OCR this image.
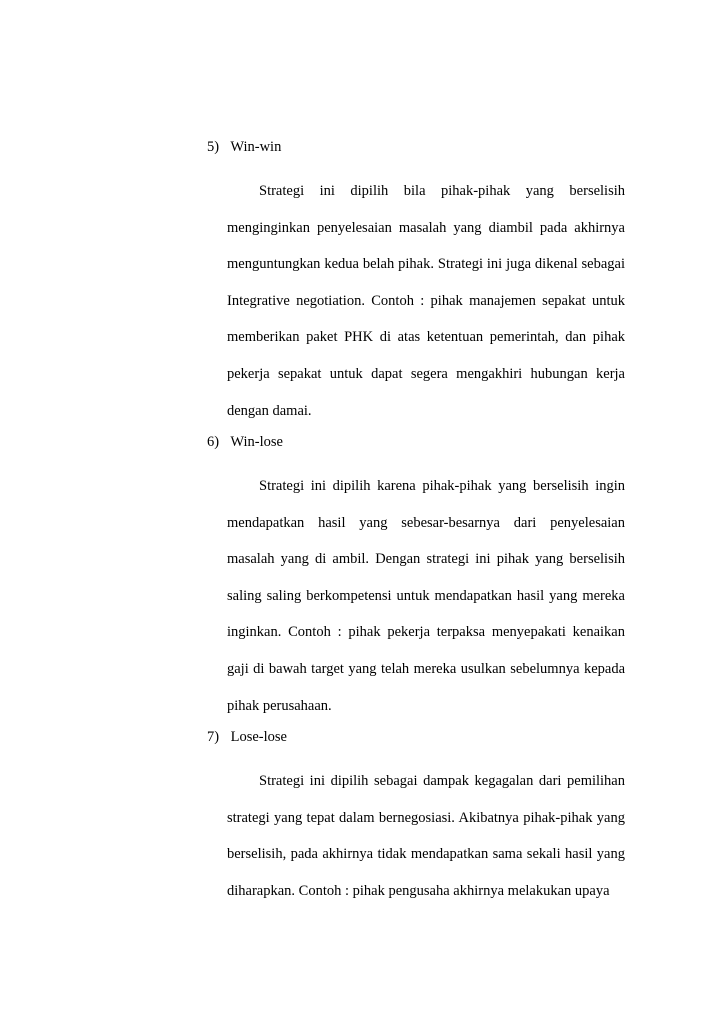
5) Win-win

Strategi ini dipilih bila pihak-pihak yang berselisih menginginkan penyelesaian masalah yang diambil pada akhirnya menguntungkan kedua belah pihak. Strategi ini juga dikenal sebagai Integrative negotiation. Contoh : pihak manajemen sepakat untuk memberikan paket PHK di atas ketentuan pemerintah, dan pihak pekerja sepakat untuk dapat segera mengakhiri hubungan kerja dengan damai.

6) Win-lose

Strategi ini dipilih karena pihak-pihak yang berselisih ingin mendapatkan hasil yang sebesar-besarnya dari penyelesaian masalah yang di ambil. Dengan strategi ini pihak yang berselisih saling saling berkompetensi untuk mendapatkan hasil yang mereka inginkan. Contoh : pihak pekerja terpaksa menyepakati kenaikan gaji di bawah target yang telah mereka usulkan sebelumnya kepada pihak perusahaan.

7) Lose-lose

Strategi ini dipilih sebagai dampak kegagalan dari pemilihan strategi yang tepat dalam bernegosiasi. Akibatnya pihak-pihak yang berselisih, pada akhirnya tidak mendapatkan sama sekali hasil yang diharapkan. Contoh : pihak pengusaha akhirnya melakukan upaya
